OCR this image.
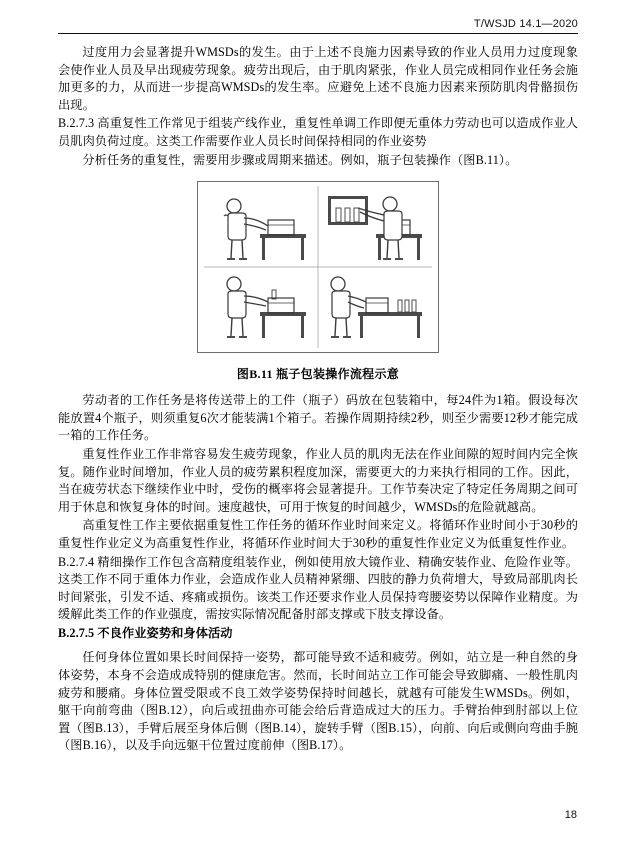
T/WSJD 14.1—2020

过度用力会显著提升WMSDs的发生。由于上述不良施力因素导致的作业人员用力过度现象会使作业人员及早出现疲劳现象。疲劳出现后，由于肌肉紧张，作业人员完成相同作业任务会施加更多的力，从而进一步提高WMSDs的发生率。应避免上述不良施力因素来预防肌肉骨骼损伤出现。

B.2.7.3 高重复性工作常见于组装产线作业，重复性单调工作即便无重体力劳动也可以造成作业人员肌肉负荷过度。这类工作需要作业人员长时间保持相同的作业姿势

分析任务的重复性，需要用步骤或周期来描述。例如，瓶子包装操作（图B.11）。

图B.11 瓶子包装操作流程示意

劳动者的工作任务是将传送带上的工件（瓶子）码放在包装箱中，每24件为1箱。假设每次能放置4个瓶子，则须重复6次才能装满1个箱子。若操作周期持续2秒，则至少需要12秒才能完成一箱的工作任务。

重复性作业工作非常容易发生疲劳现象，作业人员的肌肉无法在作业间隙的短时间内完全恢复。随作业时间增加，作业人员的疲劳累积程度加深，需要更大的力来执行相同的工作。因此，当在疲劳状态下继续作业中时，受伤的概率将会显著提升。工作节奏决定了特定任务周期之间可用于休息和恢复身体的时间。速度越快，可用于恢复的时间越少，WMSDs的危险就越高。

高重复性工作主要依据重复性工作任务的循环作业时间来定义。将循环作业时间小于30秒的重复性作业定义为高重复性作业，将循环作业时间大于30秒的重复性作业定义为低重复性作业。

B.2.7.4 精细操作工作包含高精度组装作业，例如使用放大镜作业、精确安装作业、危险作业等。这类工作不同于重体力作业，会造成作业人员精神紧绷、四肢的静力负荷增大，导致局部肌肉长时间紧张，引发不适、疼痛或损伤。该类工作还要求作业人员保持弯腰姿势以保障作业精度。为缓解此类工作的作业强度，需按实际情况配备肘部支撑或下肢支撑设备。

B.2.7.5 不良作业姿势和身体活动

任何身体位置如果长时间保持一姿势，都可能导致不适和疲劳。例如，站立是一种自然的身体姿势，本身不会造成成特别的健康危害。然而，长时间站立工作可能会导致脚痛、一般性肌肉疲劳和腰痛。身体位置受限或不良工效学姿势保持时间越长，就越有可能发生WMSDs。例如，躯干向前弯曲（图B.12），向后或扭曲亦可能会给后背造成过大的压力。手臂抬伸到肘部以上位置（图B.13），手臂后展至身体后侧（图B.14），旋转手臂（图B.15），向前、向后或侧向弯曲手腕（图B.16），以及手向远躯干位置过度前伸（图B.17）。

18
